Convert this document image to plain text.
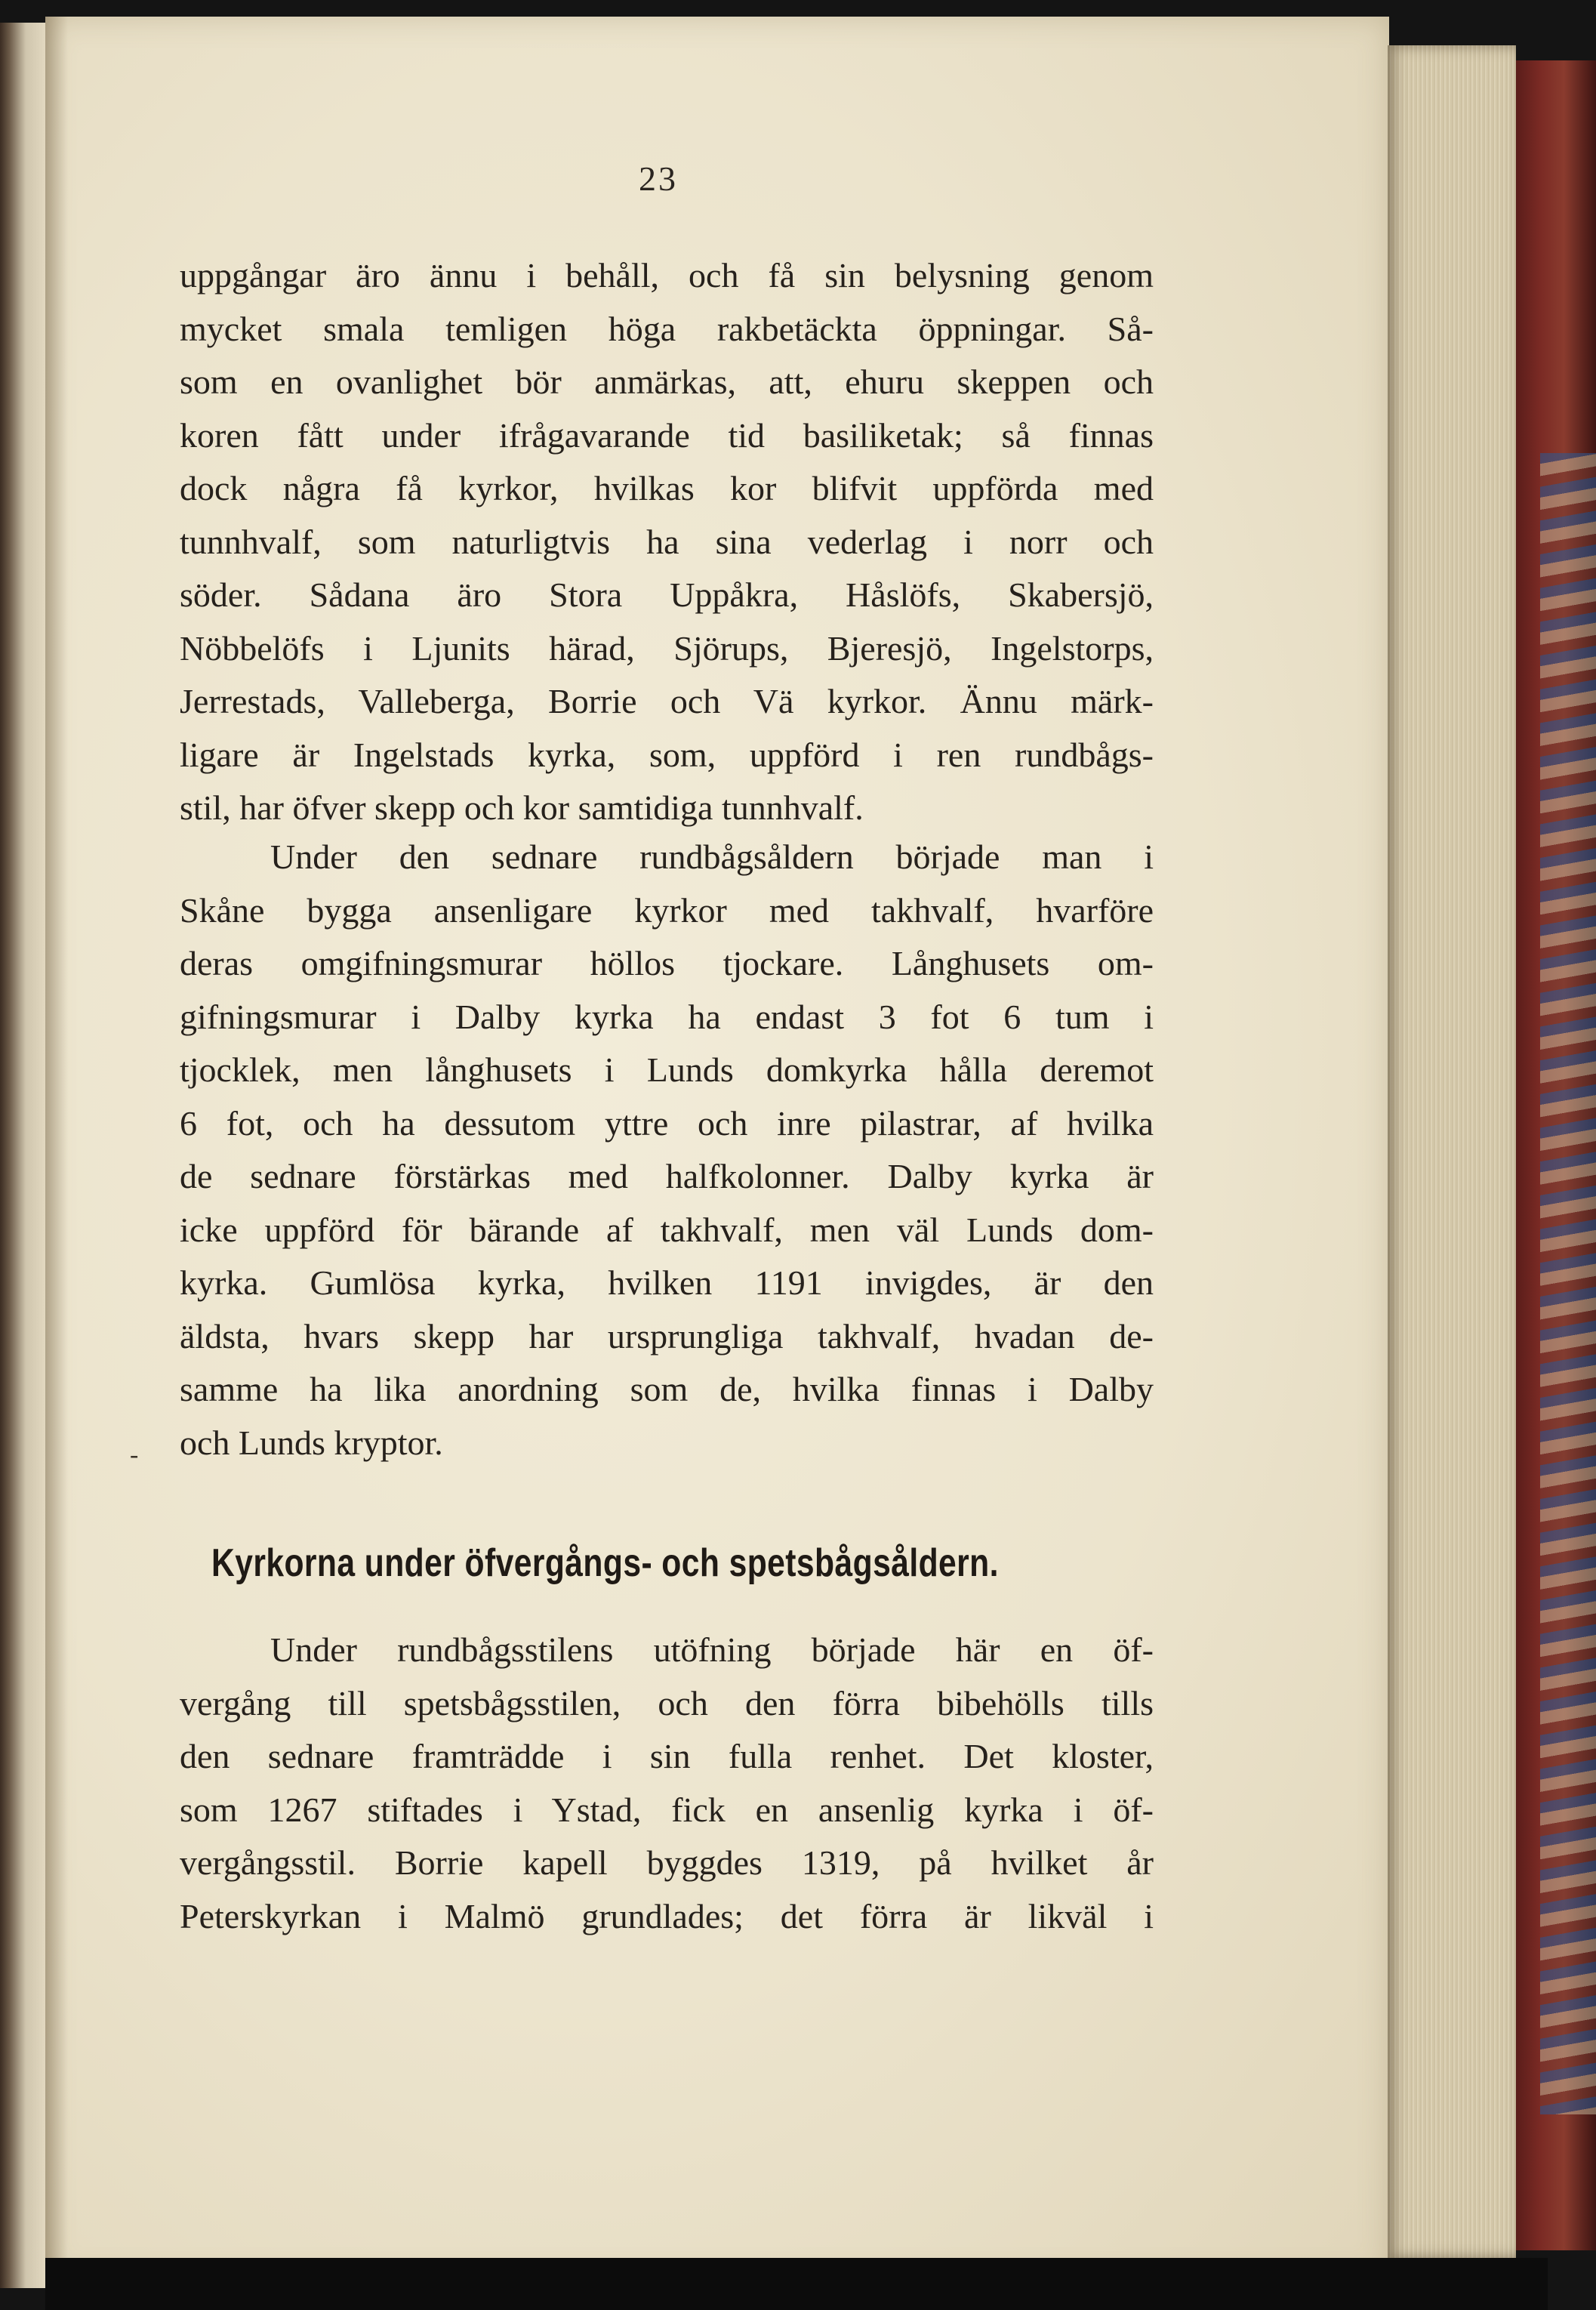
23
uppgångar äro ännu i behåll, och få sin belysning genom
mycket smala temligen höga rakbetäckta öppningar. Så-
som en ovanlighet bör anmärkas, att, ehuru skeppen och
koren fått under ifrågavarande tid basiliketak; så finnas
dock några få kyrkor, hvilkas kor blifvit uppförda med
tunnhvalf, som naturligtvis ha sina vederlag i norr och
söder. Sådana äro Stora Uppåkra, Håslöfs, Skabersjö,
Nöbbelöfs i Ljunits härad, Sjörups, Bjeresjö, Ingelstorps,
Jerrestads, Valleberga, Borrie och Vä kyrkor. Ännu märk-
ligare är Ingelstads kyrka, som, uppförd i ren rundbågs-
stil, har öfver skepp och kor samtidiga tunnhvalf.
Under den sednare rundbågsåldern började man i
Skåne bygga ansenligare kyrkor med takhvalf, hvarföre
deras omgifningsmurar höllos tjockare. Långhusets om-
gifningsmurar i Dalby kyrka ha endast 3 fot 6 tum i
tjocklek, men långhusets i Lunds domkyrka hålla deremot
6 fot, och ha dessutom yttre och inre pilastrar, af hvilka
de sednare förstärkas med halfkolonner. Dalby kyrka är
icke uppförd för bärande af takhvalf, men väl Lunds dom-
kyrka. Gumlösa kyrka, hvilken 1191 invigdes, är den
äldsta, hvars skepp har ursprungliga takhvalf, hvadan de-
samme ha lika anordning som de, hvilka finnas i Dalby
och Lunds kryptor.
-
Kyrkorna under öfvergångs- och spetsbågsåldern.
Under rundbågsstilens utöfning började här en öf-
vergång till spetsbågsstilen, och den förra bibehölls tills
den sednare framträdde i sin fulla renhet. Det kloster,
som 1267 stiftades i Ystad, fick en ansenlig kyrka i öf-
vergångsstil. Borrie kapell byggdes 1319, på hvilket år
Peterskyrkan i Malmö grundlades; det förra är likväl i
